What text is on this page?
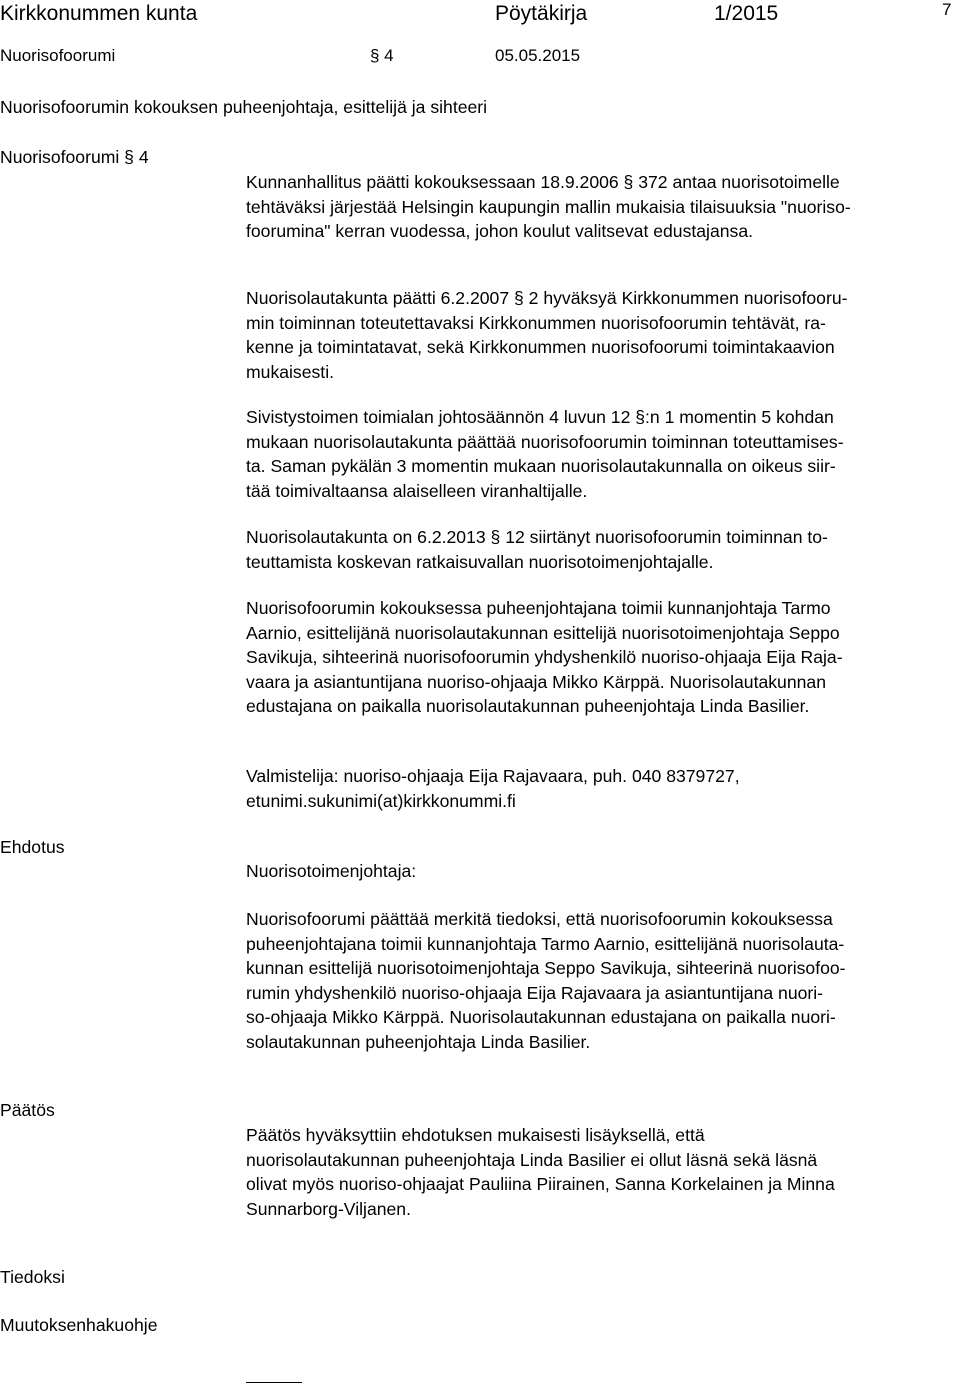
Kirkkonummen kunta	Pöytäkirja	1/2015	7
Nuorisofoorumi	§ 4	05.05.2015
Nuorisofoorumin kokouksen puheenjohtaja, esittelijä ja sihteeri
Nuorisofoorumi § 4
Kunnanhallitus päätti kokouksessaan 18.9.2006 § 372 antaa nuorisotoimelle
tehtäväksi järjestää Helsingin kaupungin mallin mukaisia tilaisuuksia "nuoriso-
foorumina" kerran vuodessa, johon koulut valitsevat edustajansa.
Nuorisolautakunta päätti 6.2.2007 § 2 hyväksyä Kirkkonummen nuorisofooru-
min toiminnan toteutettavaksi Kirkkonummen nuorisofoorumin tehtävät, ra-
kenne ja toimintatavat, sekä Kirkkonummen nuorisofoorumi toimintakaavion
mukaisesti.
Sivistystoimen toimialan johtosäännön 4 luvun 12 §:n 1 momentin 5 kohdan
mukaan nuorisolautakunta päättää nuorisofoorumin toiminnan toteuttamises-
ta. Saman pykälän 3 momentin mukaan nuorisolautakunnalla on oikeus siir-
tää toimivaltaansa alaiselleen viranhaltijalle.
Nuorisolautakunta on 6.2.2013 § 12 siirtänyt nuorisofoorumin toiminnan to-
teuttamista koskevan ratkaisuvallan nuorisotoimenjohtajalle.
Nuorisofoorumin kokouksessa puheenjohtajana toimii kunnanjohtaja Tarmo
Aarnio, esittelijänä nuorisolautakunnan esittelijä nuorisotoimenjohtaja Seppo
Savikuja, sihteerinä nuorisofoorumin yhdyshenkilö nuoriso-ohjaaja Eija Raja-
vaara ja asiantuntijana nuoriso-ohjaaja Mikko Kärppä. Nuorisolautakunnan
edustajana on paikalla nuorisolautakunnan puheenjohtaja Linda Basilier.
Valmistelija: nuoriso-ohjaaja Eija Rajavaara, puh. 040 8379727,
etunimi.sukunimi(at)kirkkonummi.fi
Ehdotus
Nuorisotoimenjohtaja:
Nuorisofoorumi päättää merkitä tiedoksi, että nuorisofoorumin kokouksessa
puheenjohtajana toimii kunnanjohtaja Tarmo Aarnio, esittelijänä nuorisolauta-
kunnan esittelijä nuorisotoimenjohtaja Seppo Savikuja, sihteerinä nuorisofoo-
rumin yhdyshenkilö nuoriso-ohjaaja Eija Rajavaara ja asiantuntijana nuori-
so-ohjaaja Mikko Kärppä. Nuorisolautakunnan edustajana on paikalla nuori-
solautakunnan puheenjohtaja Linda Basilier.
Päätös
Päätös hyväksyttiin ehdotuksen mukaisesti lisäyksellä, että
nuorisolautakunnan puheenjohtaja Linda Basilier ei ollut läsnä sekä läsnä
olivat myös nuoriso-ohjaajat Pauliina Piirainen, Sanna Korkelainen ja Minna
Sunnarborg-Viljanen.
Tiedoksi
Muutoksenhakuohje
